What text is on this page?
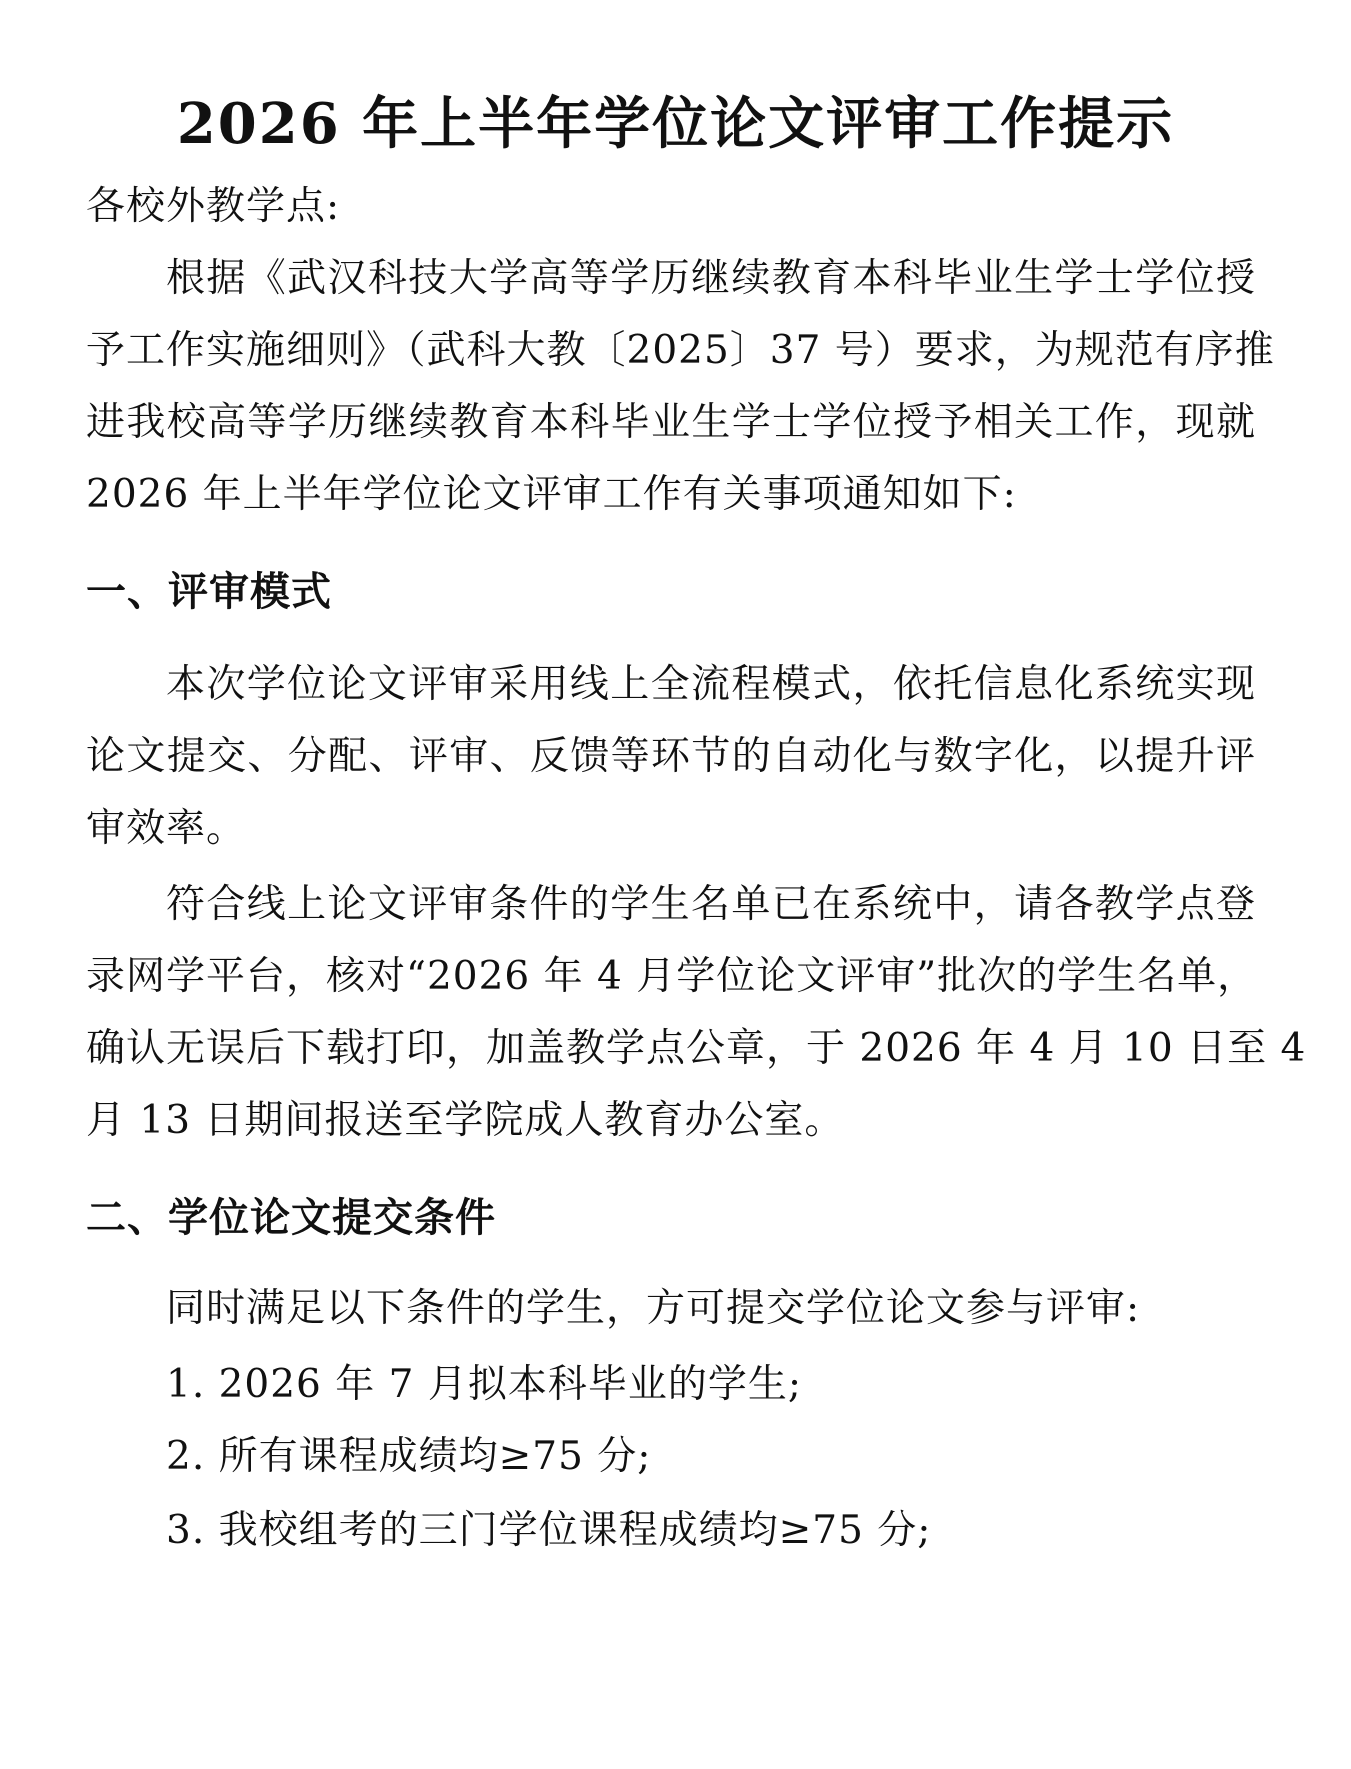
2026 年上半年学位论文评审工作提示
各校外教学点:
根据《武汉科技大学高等学历继续教育本科毕业生学士学位授
予工作实施细则》（武科大教〔2025〕37 号）要求，为规范有序推
进我校高等学历继续教育本科毕业生学士学位授予相关工作，现就
2026 年上半年学位论文评审工作有关事项通知如下:
一、评审模式
本次学位论文评审采用线上全流程模式，依托信息化系统实现
论文提交、分配、评审、反馈等环节的自动化与数字化，以提升评
审效率。
符合线上论文评审条件的学生名单已在系统中，请各教学点登
录网学平台，核对“2026 年 4 月学位论文评审”批次的学生名单，
确认无误后下载打印，加盖教学点公章，于 2026 年 4 月 10 日至 4
月 13 日期间报送至学院成人教育办公室。
二、学位论文提交条件
同时满足以下条件的学生，方可提交学位论文参与评审:
1. 2026 年 7 月拟本科毕业的学生;
2. 所有课程成绩均≥75 分;
3. 我校组考的三门学位课程成绩均≥75 分;
